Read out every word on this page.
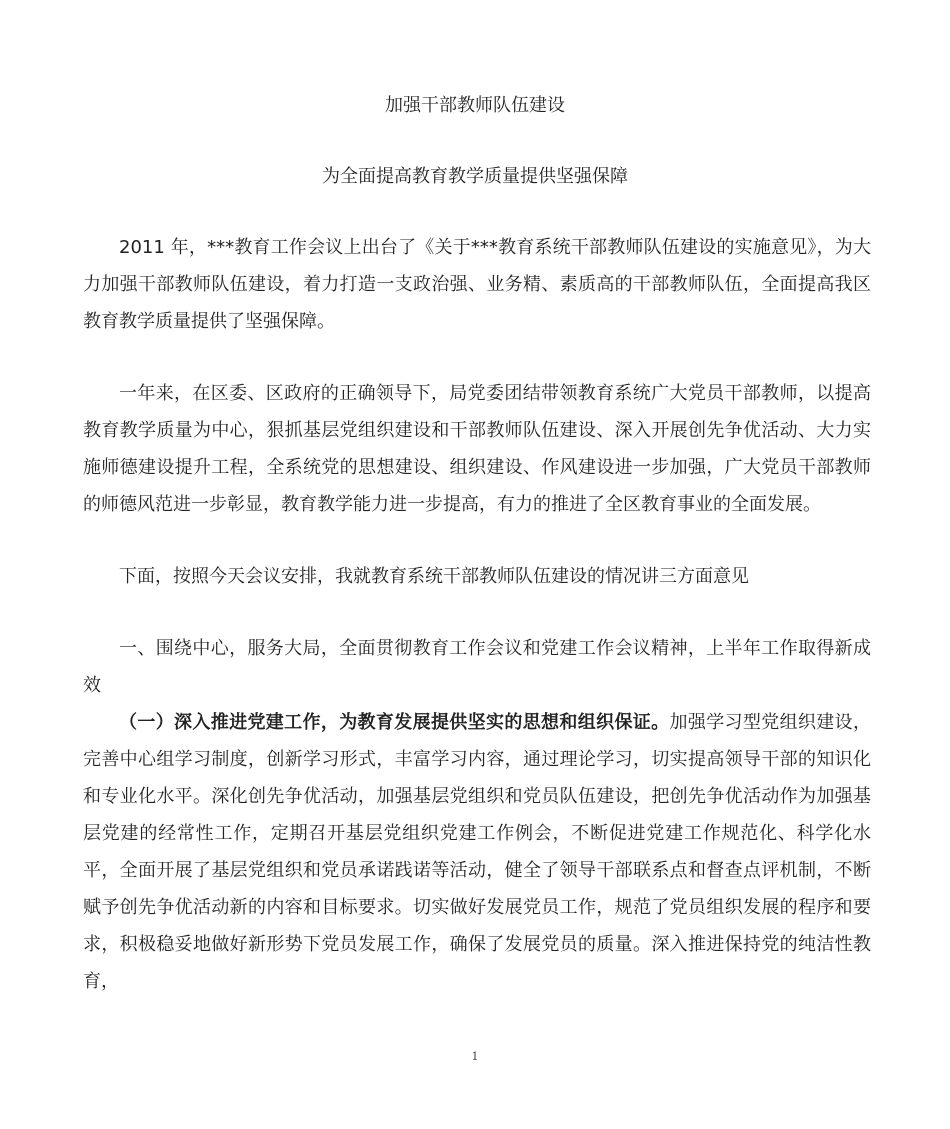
加强干部教师队伍建设
为全面提高教育教学质量提供坚强保障

2011 年，***教育工作会议上出台了《关于***教育系统干部教师队伍建设的实施意见》，为大力加强干部教师队伍建设，着力打造一支政治强、业务精、素质高的干部教师队伍，全面提高我区教育教学质量提供了坚强保障。

一年来，在区委、区政府的正确领导下，局党委团结带领教育系统广大党员干部教师，以提高教育教学质量为中心，狠抓基层党组织建设和干部教师队伍建设、深入开展创先争优活动、大力实施师德建设提升工程，全系统党的思想建设、组织建设、作风建设进一步加强，广大党员干部教师的师德风范进一步彰显，教育教学能力进一步提高，有力的推进了全区教育事业的全面发展。

下面，按照今天会议安排，我就教育系统干部教师队伍建设的情况讲三方面意见

一、围绕中心，服务大局，全面贯彻教育工作会议和党建工作会议精神，上半年工作取得新成效

（一）深入推进党建工作，为教育发展提供坚实的思想和组织保证。加强学习型党组织建设，完善中心组学习制度，创新学习形式，丰富学习内容，通过理论学习，切实提高领导干部的知识化和专业化水平。深化创先争优活动，加强基层党组织和党员队伍建设，把创先争优活动作为加强基层党建的经常性工作，定期召开基层党组织党建工作例会，不断促进党建工作规范化、科学化水平，全面开展了基层党组织和党员承诺践诺等活动，健全了领导干部联系点和督查点评机制，不断赋予创先争优活动新的内容和目标要求。切实做好发展党员工作，规范了党员组织发展的程序和要求，积极稳妥地做好新形势下党员发展工作，确保了发展党员的质量。深入推进保持党的纯洁性教育，

1
